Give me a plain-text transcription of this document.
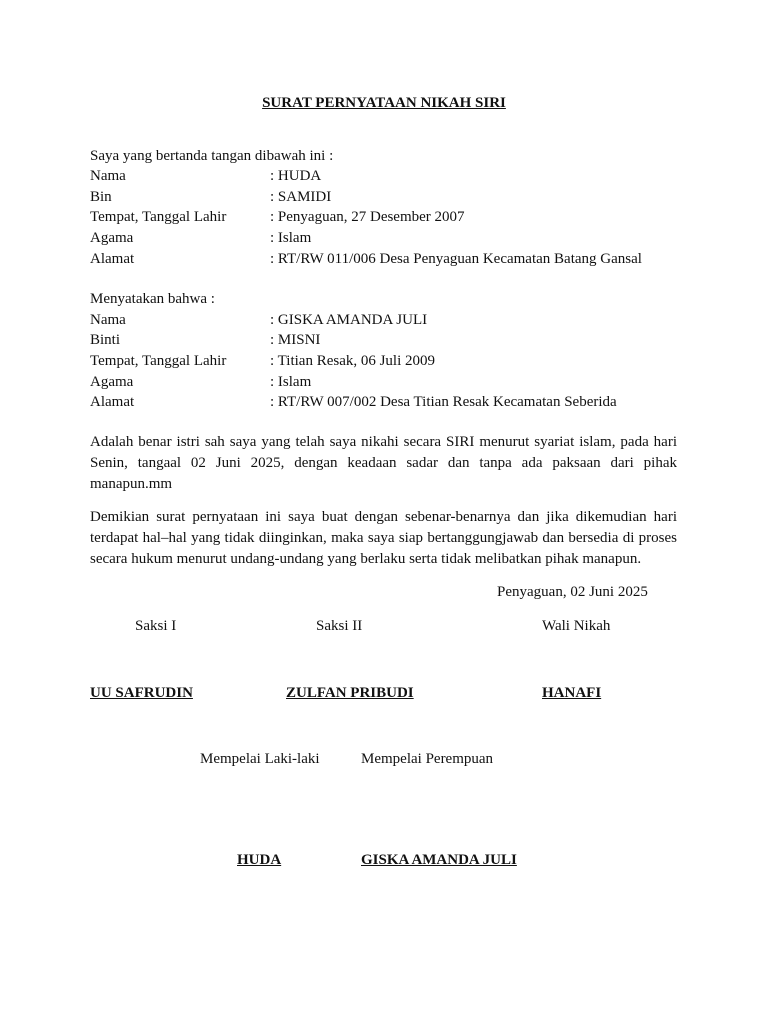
SURAT PERNYATAAN NIKAH SIRI
Saya yang bertanda tangan dibawah ini :
Nama	: HUDA
Bin	: SAMIDI
Tempat, Tanggal Lahir	: Penyaguan, 27 Desember 2007
Agama	: Islam
Alamat	: RT/RW 011/006 Desa Penyaguan Kecamatan Batang Gansal
Menyatakan bahwa :
Nama	: GISKA AMANDA JULI
Binti	: MISNI
Tempat, Tanggal Lahir	: Titian Resak, 06 Juli 2009
Agama	: Islam
Alamat	: RT/RW 007/002 Desa Titian Resak Kecamatan Seberida
Adalah benar istri sah saya yang telah saya nikahi secara SIRI menurut syariat islam, pada hari Senin, tangaal 02 Juni 2025, dengan keadaan sadar dan tanpa ada paksaan dari pihak manapun.mm
Demikian surat pernyataan ini saya buat dengan sebenar-benarnya dan jika dikemudian hari terdapat hal–hal yang tidak diinginkan, maka saya siap bertanggungjawab dan bersedia di proses secara hukum menurut undang-undang yang berlaku serta tidak melibatkan pihak manapun.
Penyaguan, 02 Juni 2025
Saksi I	Saksi II	Wali Nikah
UU SAFRUDIN	ZULFAN PRIBUDI	HANAFI
Mempelai Laki-laki	Mempelai Perempuan
HUDA	GISKA AMANDA JULI
